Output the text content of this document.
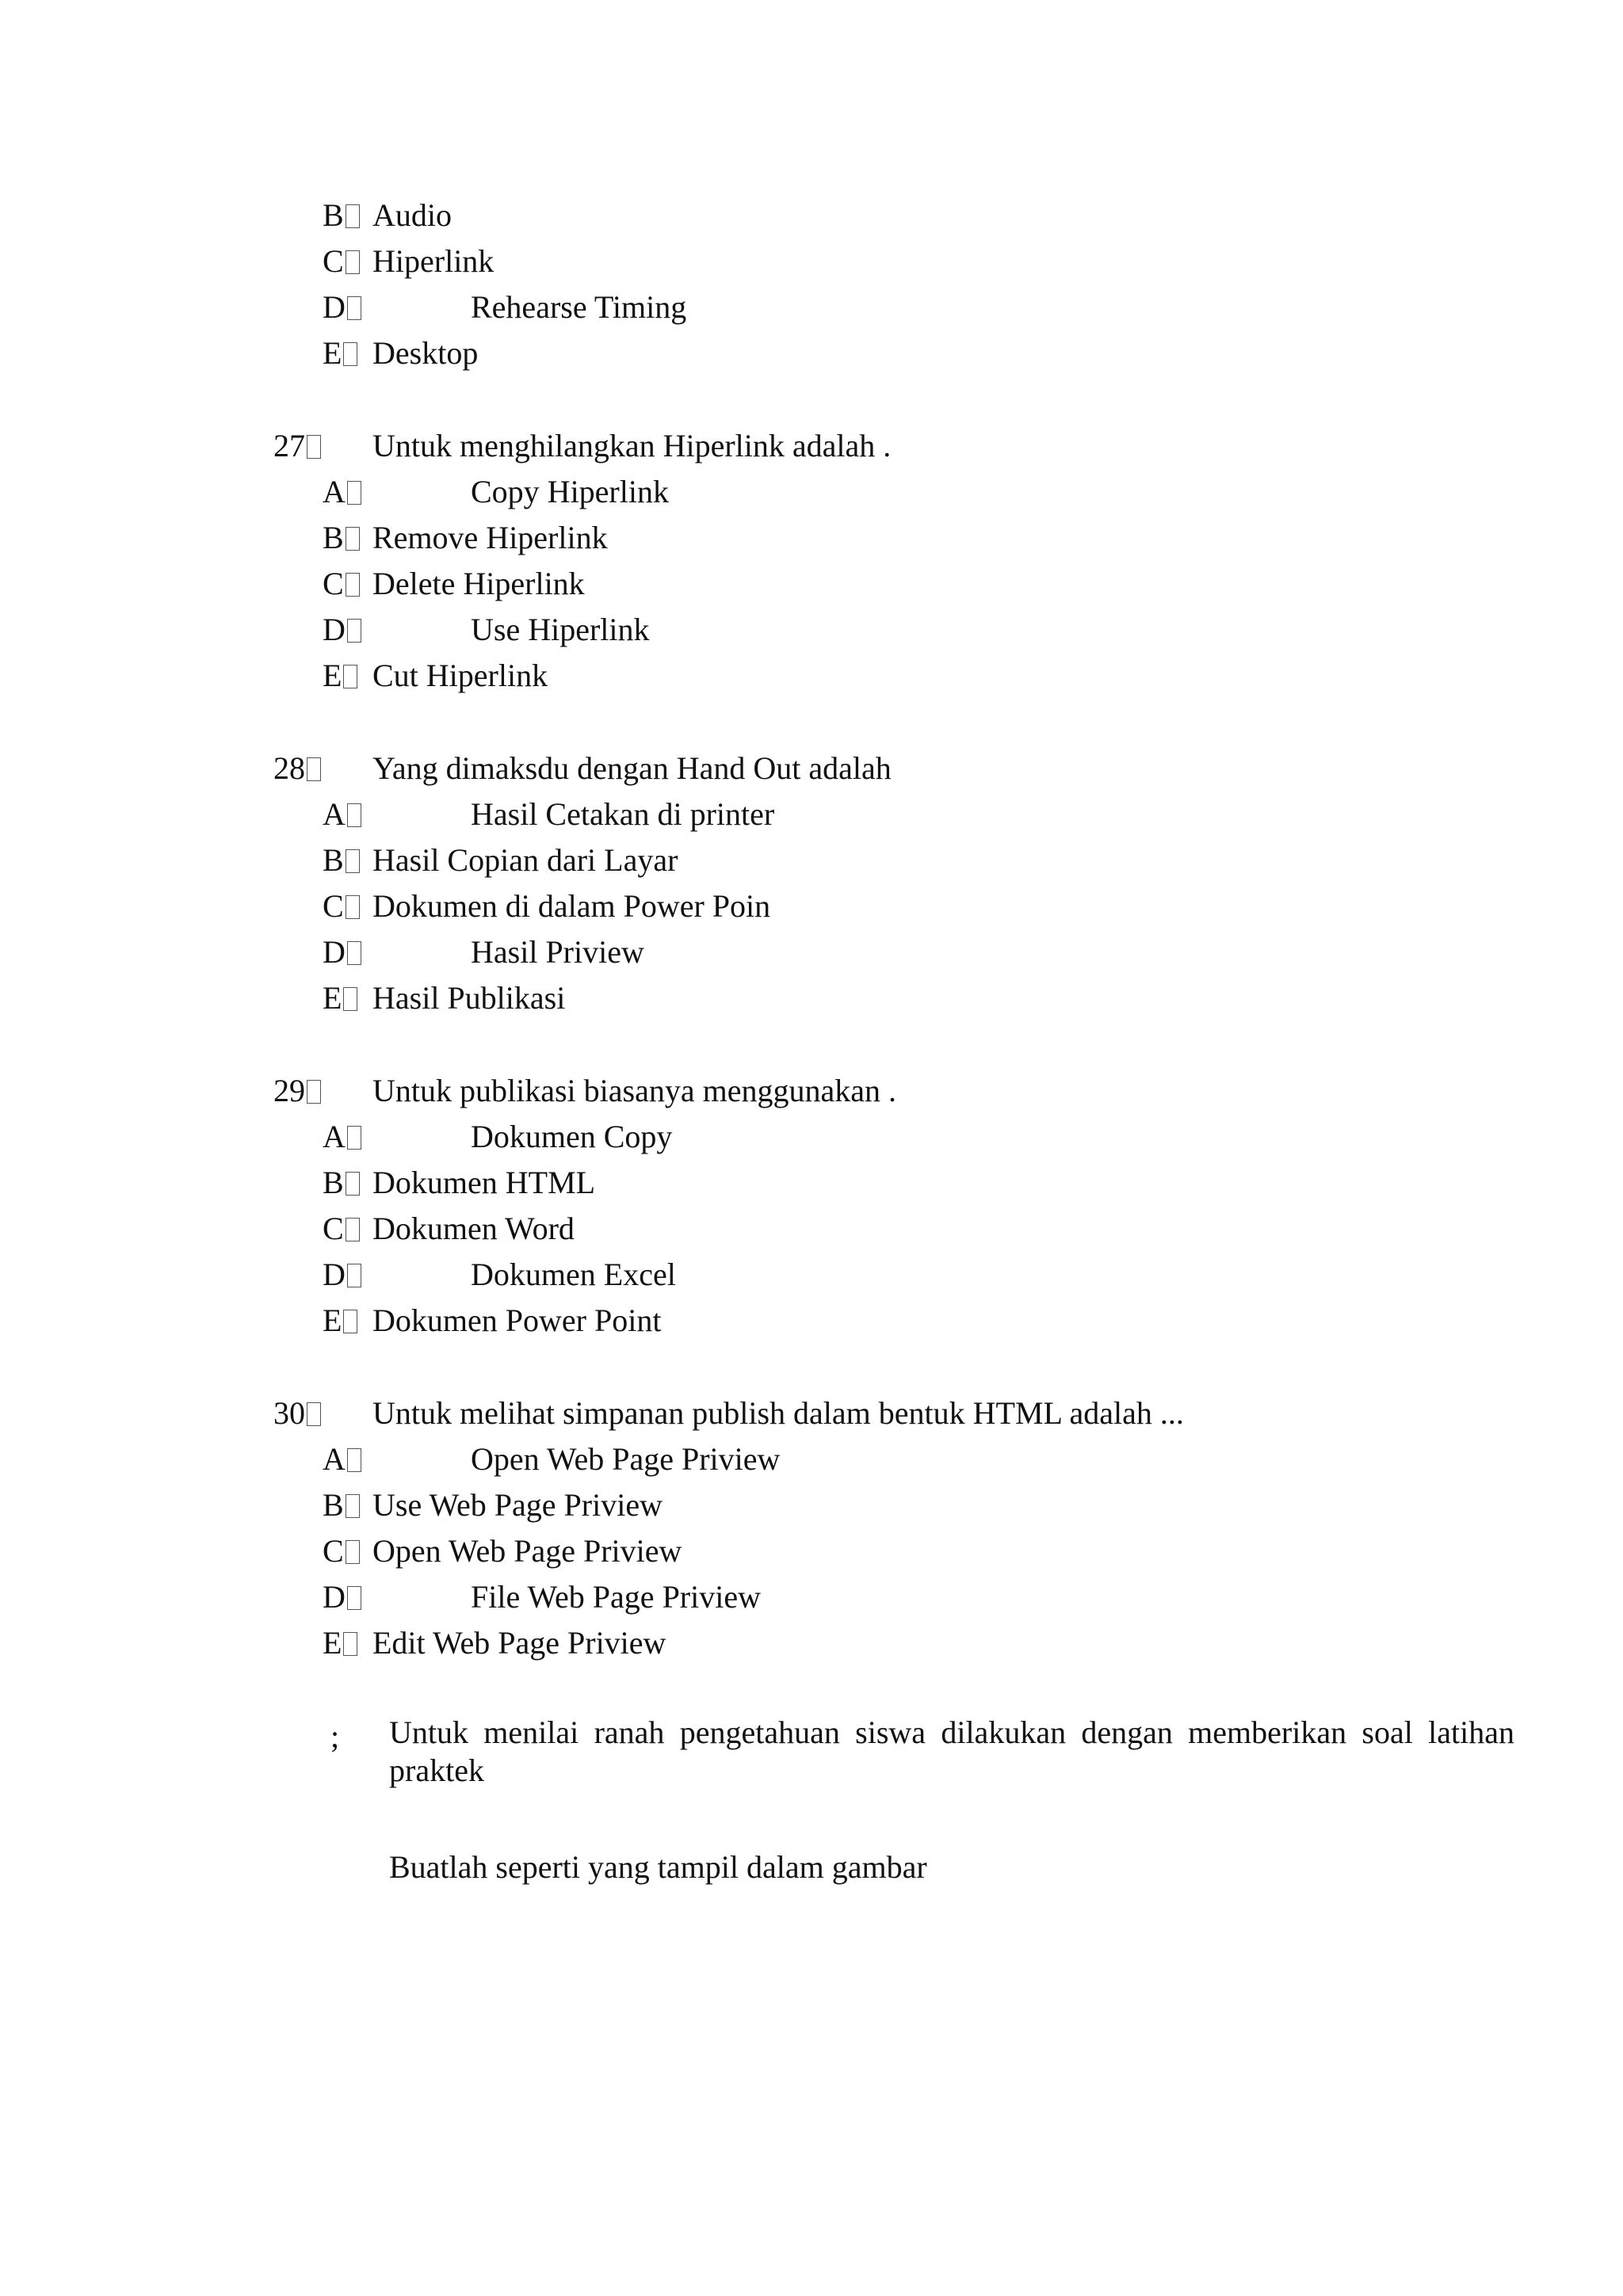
B Audio
C Hiperlink
D	Rehearse Timing
E Desktop
27	Untuk menghilangkan Hiperlink adalah .
A	Copy Hiperlink
B Remove Hiperlink
C Delete Hiperlink
D	Use Hiperlink
E Cut Hiperlink
28	Yang dimaksdu dengan Hand Out adalah
A	Hasil Cetakan di printer
B Hasil Copian dari Layar
C Dokumen di dalam Power Poin
D	Hasil Priview
E Hasil Publikasi
29	Untuk publikasi biasanya menggunakan .
A	Dokumen Copy
B Dokumen HTML
C Dokumen Word
D	Dokumen Excel
E Dokumen Power Point
30	Untuk melihat simpanan publish dalam bentuk HTML adalah ...
A	Open Web Page Priview
B Use Web Page Priview
C Open Web Page Priview
D	File Web Page Priview
E Edit Web Page Priview
; Untuk menilai ranah pengetahuan siswa dilakukan dengan memberikan soal latihan praktek
Buatlah seperti yang tampil dalam gambar
